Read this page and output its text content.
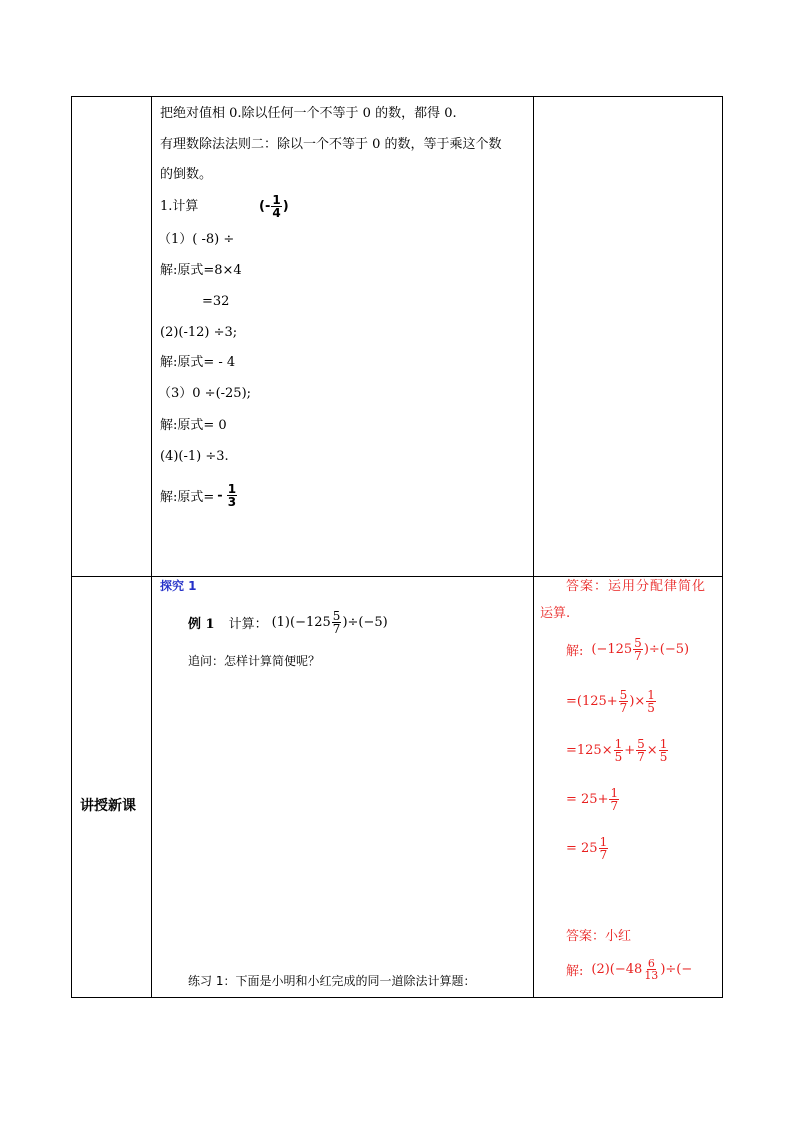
把绝对值相 0.除以任何一个不等于 0 的数，都得 0.
有理数除法法则二：除以一个不等于 0 的数，等于乘这个数
的倒数。
1.计算	(- $\frac{1}{4}$ )
（1）( -8) ÷
解:原式=8×4
=32
(2)(-12) ÷3;
解:原式= - 4
（3）0 ÷(-25);
解:原式= 0
(4)(-1) ÷3.
解:原式= - $\frac{1}{3}$
讲授新课
探究 1
例 1 计算： $(1)(-125 \frac{5}{7} )\div(-5)$
追问：怎样计算简便呢？
练习 1：下面是小明和小红完成的同一道除法计算题：
答案：运用分配律简化
运算.
解: $(-125 \frac{5}{7} )\div(-5)$
$=(125+ \frac{5}{7}$ )× $\frac{1}{5}$
$=125\times \frac{1}{5} + \frac{5}{7} \times \frac{1}{5}$
= $25+ \frac{1}{7}$
= $25 \frac{1}{7}$
答案：小红
解: $(2)(-48 \frac{6}{13}$ )÷(−
